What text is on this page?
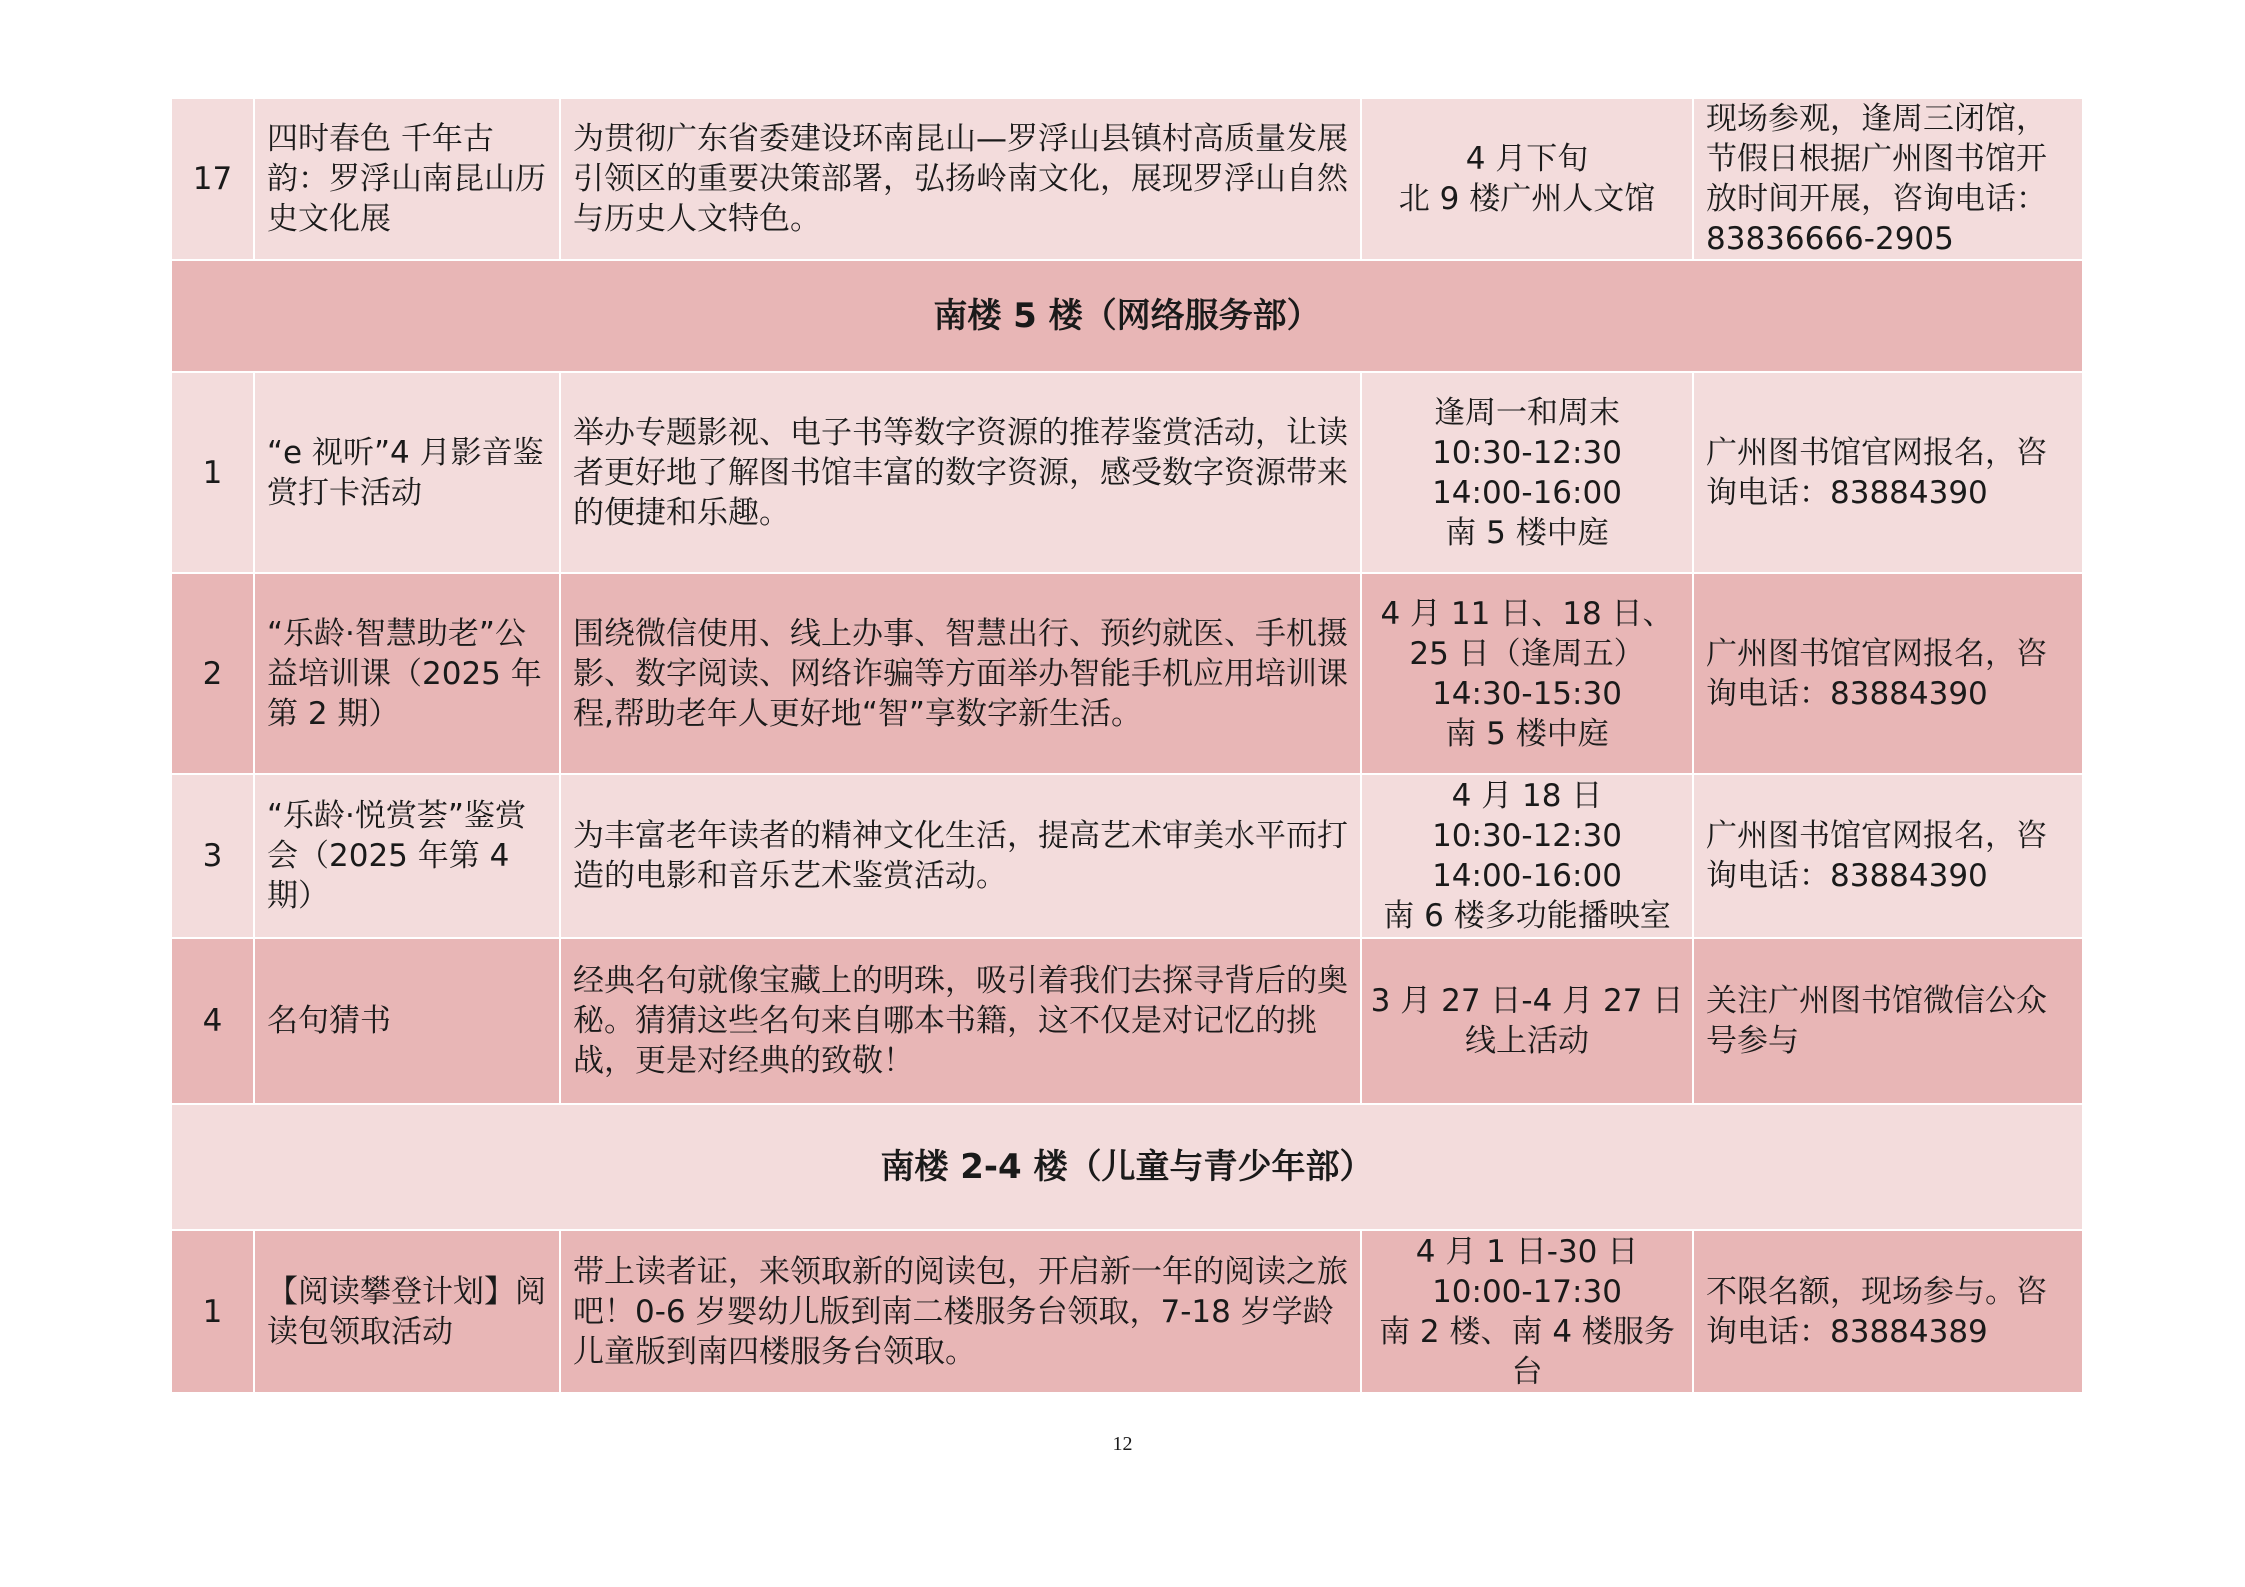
17	四时春色 千年古韵：罗浮山南昆山历史文化展	为贯彻广东省委建设环南昆山—罗浮山县镇村高质量发展引领区的重要决策部署，弘扬岭南文化，展现罗浮山自然与历史人文特色。	4 月下旬
北 9 楼广州人文馆	现场参观，逢周三闭馆，节假日根据广州图书馆开放时间开展，咨询电话：83836666-2905
南楼 5 楼（网络服务部）				
1	“e 视听”4 月影音鉴赏打卡活动	举办专题影视、电子书等数字资源的推荐鉴赏活动，让读者更好地了解图书馆丰富的数字资源，感受数字资源带来的便捷和乐趣。	逢周一和周末
10:30-12:30
14:00-16:00
南 5 楼中庭	广州图书馆官网报名，咨询电话：83884390
2	“乐龄·智慧助老”公益培训课（2025 年第 2 期）	围绕微信使用、线上办事、智慧出行、预约就医、手机摄影、数字阅读、网络诈骗等方面举办智能手机应用培训课程,帮助老年人更好地“智”享数字新生活。	4 月 11 日、18 日、
25 日（逢周五）
14:30-15:30
南 5 楼中庭	广州图书馆官网报名，咨询电话：83884390
3	“乐龄·悦赏荟”鉴赏会（2025 年第 4 期）	为丰富老年读者的精神文化生活，提高艺术审美水平而打造的电影和音乐艺术鉴赏活动。	4 月 18 日
10:30-12:30
14:00-16:00
南 6 楼多功能播映室	广州图书馆官网报名，咨询电话：83884390
4	名句猜书	经典名句就像宝藏上的明珠，吸引着我们去探寻背后的奥秘。猜猜这些名句来自哪本书籍，这不仅是对记忆的挑战，更是对经典的致敬！	3 月 27 日-4 月 27 日
线上活动	关注广州图书馆微信公众号参与
南楼 2-4 楼（儿童与青少年部）				
1	【阅读攀登计划】阅读包领取活动	带上读者证，来领取新的阅读包，开启新一年的阅读之旅吧！0-6 岁婴幼儿版到南二楼服务台领取，7-18 岁学龄儿童版到南四楼服务台领取。	4 月 1 日-30 日
10:00-17:30
南 2 楼、南 4 楼服务台	不限名额，现场参与。咨询电话：83884389
12
